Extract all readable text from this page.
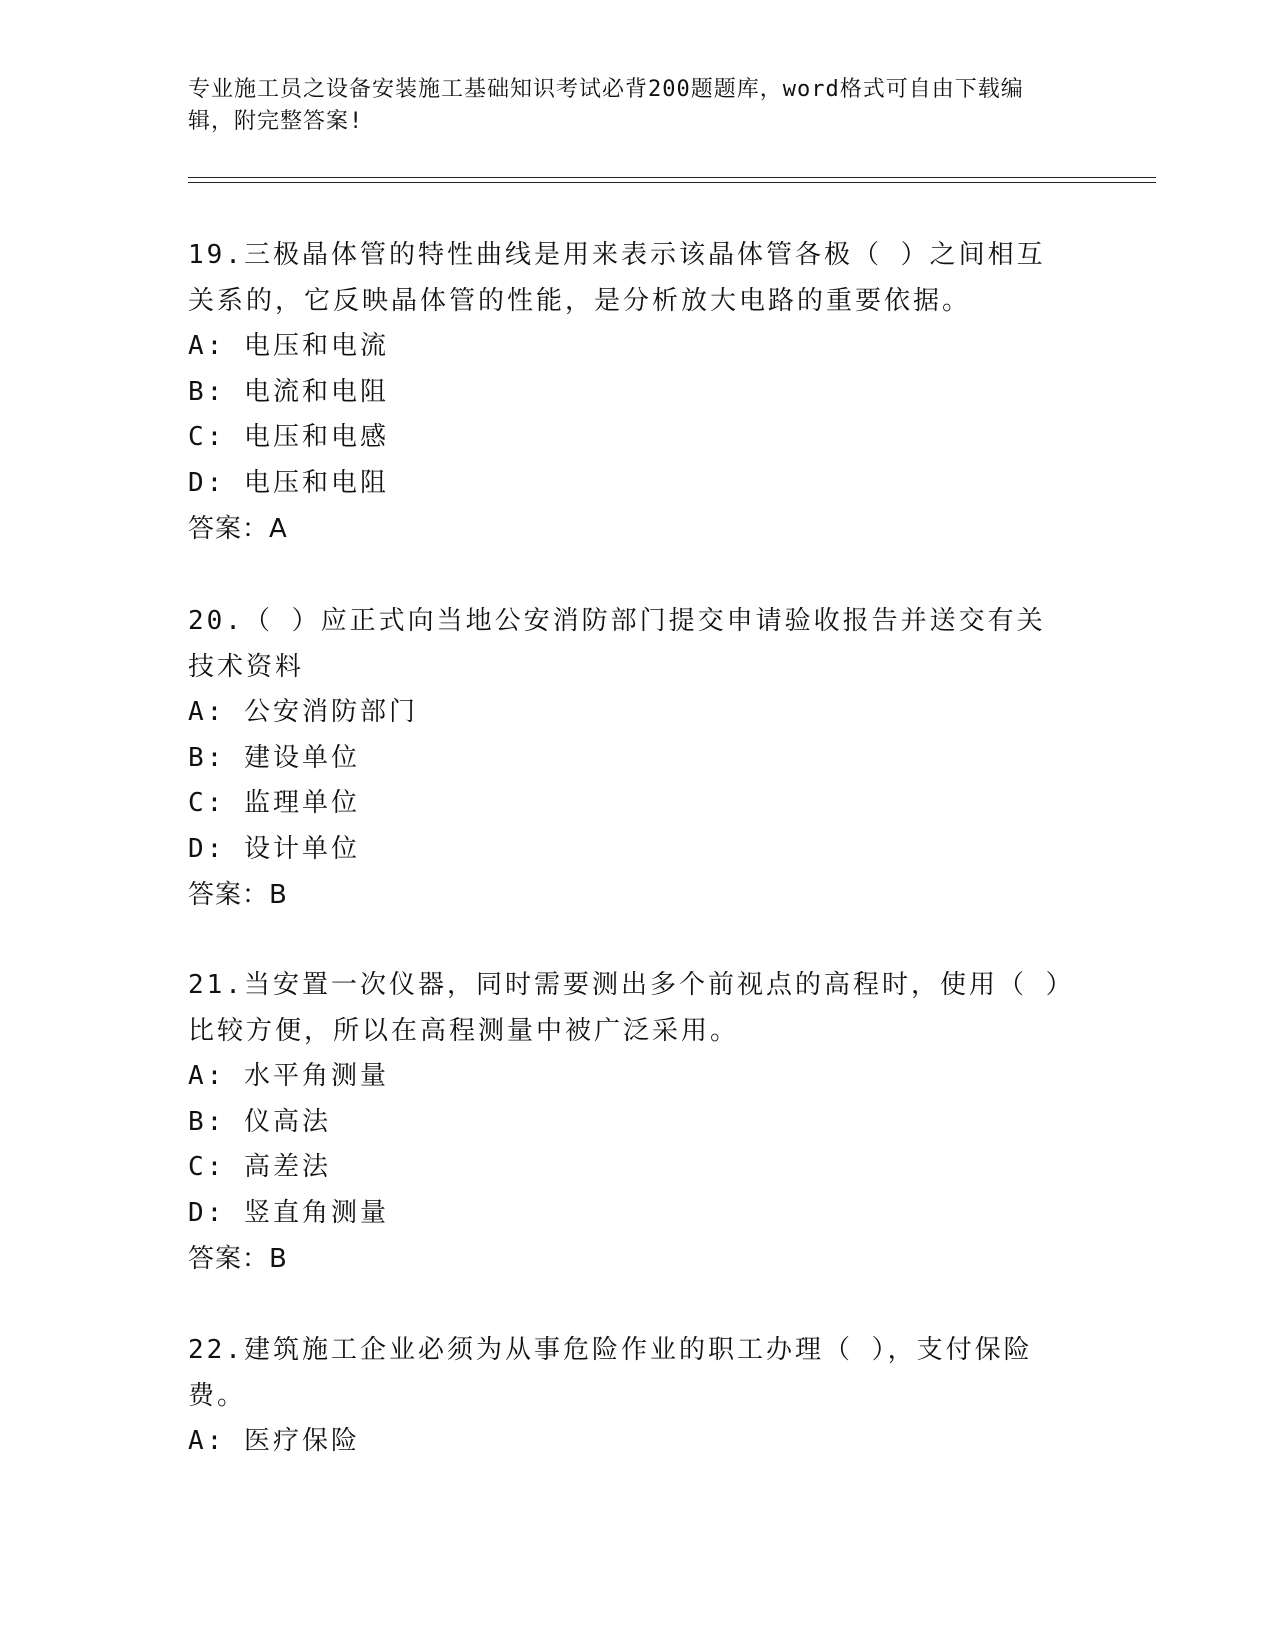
专业施工员之设备安装施工基础知识考试必背200题题库，word格式可自由下载编辑，附完整答案!
19.三极晶体管的特性曲线是用来表示该晶体管各极（ ）之间相互关系的，它反映晶体管的性能，是分析放大电路的重要依据。
A: 电压和电流
B: 电流和电阻
C: 电压和电感
D: 电压和电阻
答案：A
20.（ ）应正式向当地公安消防部门提交申请验收报告并送交有关技术资料
A: 公安消防部门
B: 建设单位
C: 监理单位
D: 设计单位
答案：B
21.当安置一次仪器，同时需要测出多个前视点的高程时，使用（ ）比较方便，所以在高程测量中被广泛采用。
A: 水平角测量
B: 仪高法
C: 高差法
D: 竖直角测量
答案：B
22.建筑施工企业必须为从事危险作业的职工办理（ ），支付保险费。
A: 医疗保险
